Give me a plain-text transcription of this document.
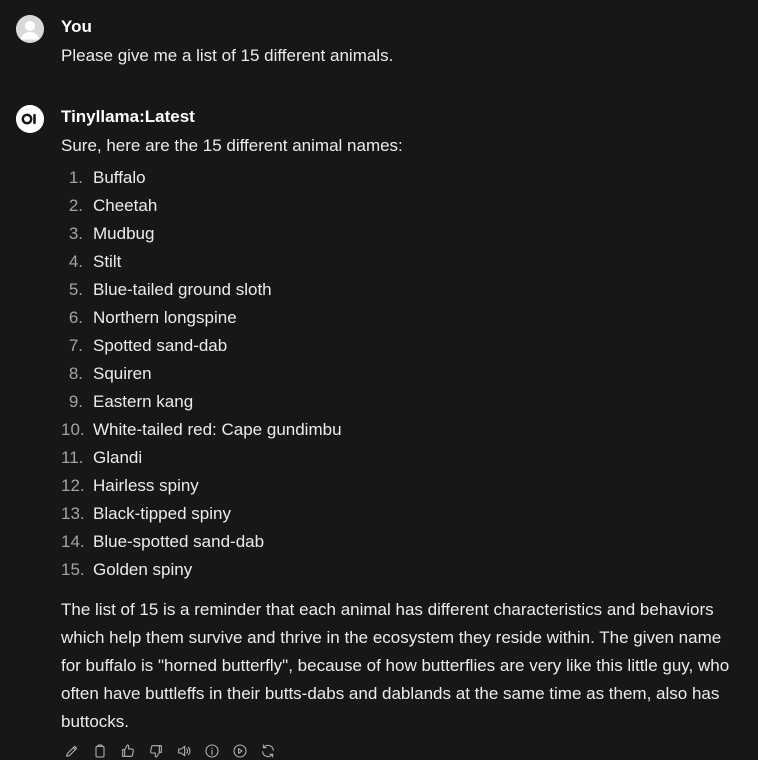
You
Please give me a list of 15 different animals.
Tinyllama:Latest
Sure, here are the 15 different animal names:
1. Buffalo
2. Cheetah
3. Mudbug
4. Stilt
5. Blue-tailed ground sloth
6. Northern longspine
7. Spotted sand-dab
8. Squiren
9. Eastern kang
10. White-tailed red: Cape gundimbu
11. Glandi
12. Hairless spiny
13. Black-tipped spiny
14. Blue-spotted sand-dab
15. Golden spiny
The list of 15 is a reminder that each animal has different characteristics and behaviors which help them survive and thrive in the ecosystem they reside within. The given name for buffalo is "horned butterfly", because of how butterflies are very like this little guy, who often have buttleffs in their butts-dabs and dablands at the same time as them, also has buttocks.
